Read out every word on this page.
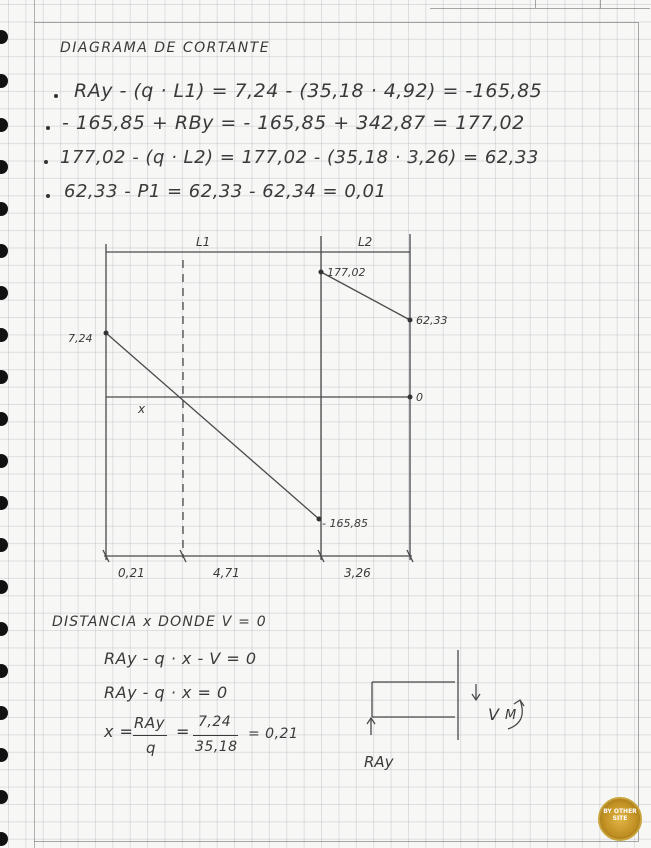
DIAGRAMA DE CORTANTE
RAy - (q · L1) = 7,24 - (35,18 · 4,92) = -165,85
- 165,85 + RBy = - 165,85 + 342,87 = 177,02
177,02 - (q · L2) = 177,02 - (35,18 · 3,26) = 62,33
62,33 - P1 = 62,33 - 62,34 = 0,01
L1	L2
7,24
- 165,85
177,02
62,33
0
x
0,21	4,71	3,26
DISTANCIA x DONDE V = 0
RAy - q · x - V = 0
RAy - q · x = 0
x = RAy
q
= 7,24
35,18
= 0,21
RAy
V M
BY OTHER SITE
